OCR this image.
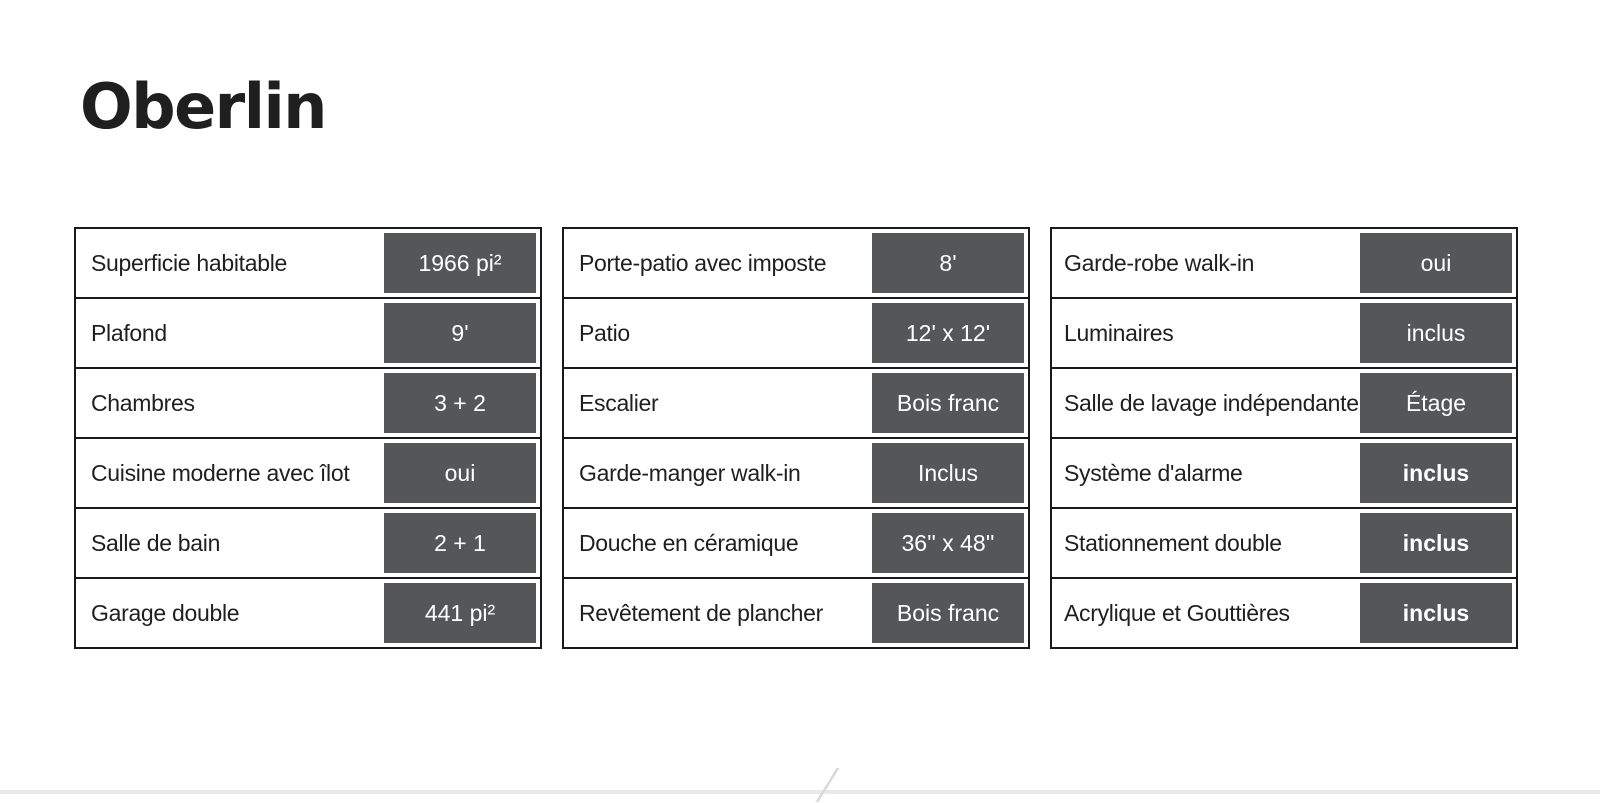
Oberlin
Superficie habitable	1966 pi²
Plafond	9'
Chambres	3 + 2
Cuisine moderne avec îlot	oui
Salle de bain	2 + 1
Garage double	441 pi²
Porte-patio avec imposte	8'
Patio	12' x 12'
Escalier	Bois franc
Garde-manger walk-in	Inclus
Douche en céramique	36'' x 48''
Revêtement de plancher	Bois franc
Garde-robe walk-in	oui
Luminaires	inclus
Salle de lavage indépendante	Étage
Système d'alarme	inclus
Stationnement double	inclus
Acrylique et Gouttières	inclus
